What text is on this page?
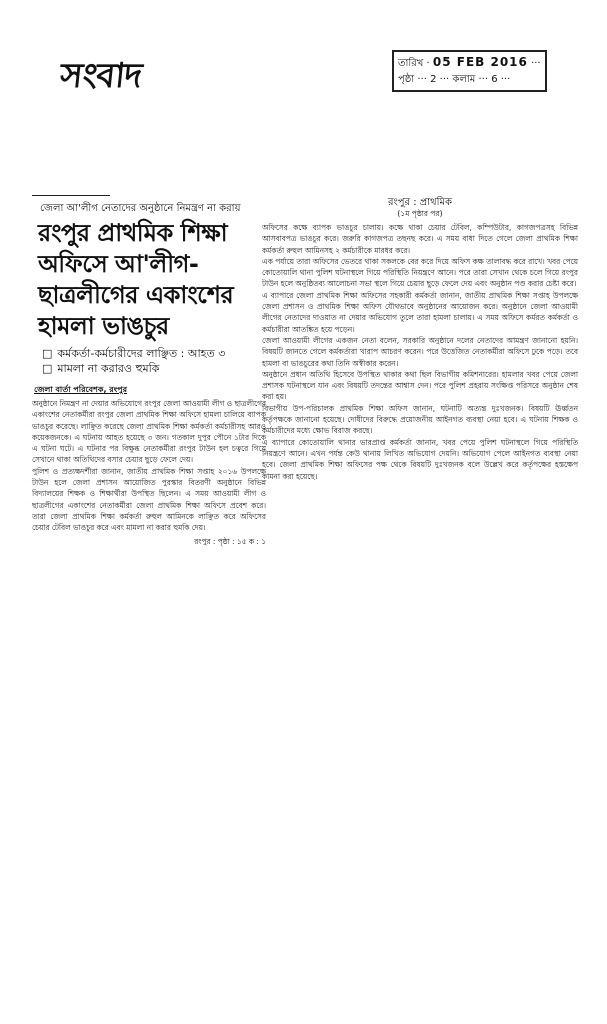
সংবাদ	তারিখ · 05 FEB 2016 ···
পৃষ্ঠা ··· 2 ··· কলাম ··· 6 ···
জেলা আ'লীগ নেতাদের অনুষ্ঠানে নিমন্ত্রণ না করায়
রংপুর প্রাথমিক শিক্ষা অফিসে আ'লীগ-ছাত্রলীগের একাংশের হামলা ভাঙচুর
□ কর্মকর্তা-কর্মচারীদের লাঞ্ছিত : আহত ৩
□ মামলা না করারও হুমকি
জেলা বার্তা পরিবেশক, রংপুর

অনুষ্ঠানে নিমন্ত্রণ না দেয়ার অভিযোগে রংপুর জেলা আওয়ামী লীগ ও ছাত্রলীগের একাংশের নেতাকর্মীরা রংপুর জেলা প্রাথমিক শিক্ষা অফিসে হামলা চালিয়ে ব্যাপক ভাঙচুর করেছে। লাঞ্ছিত করেছে জেলা প্রাথমিক শিক্ষা কর্মকর্তা কর্মচারীসহ আরও কয়েকজনকে। এ ঘটনায় আহত হয়েছে ৩ জন। গতকাল দুপুর পৌনে ১টার দিকে এ ঘটনা ঘটে। এ ঘটনার পর বিক্ষুব্ধ নেতাকর্মীরা রংপুর টাউন হল চত্বরে গিয়ে সেখানে থাকা অতিথিদের বসার চেয়ার ছুড়ে ফেলে দেয়।

পুলিশ ও প্রত্যক্ষদর্শীরা জানান, জাতীয় প্রাথমিক শিক্ষা সপ্তাহ ২০১৬ উপলক্ষে টাউন হলে জেলা প্রশাসন আয়োজিত পুরস্কার বিতরণী অনুষ্ঠানে বিভিন্ন বিদ্যালয়ের শিক্ষক ও শিক্ষার্থীরা উপস্থিত ছিলেন। এ সময় আওয়ামী লীগ ও ছাত্রলীগের একাংশের নেতাকর্মীরা জেলা প্রাথমিক শিক্ষা অফিসে প্রবেশ করে। তারা জেলা প্রাথমিক শিক্ষা কর্মকর্তা রুহুল আমিনকে লাঞ্ছিত করে অফিসের চেয়ার টেবিল ভাঙচুর করে এবং মামলা না করার হুমকি দেয়।

রংপুর : পৃষ্ঠা : ১৫ ক : ১
রংপুর : প্রাথমিক
(১ম পৃষ্ঠার পর)

অফিসের কক্ষে ব্যাপক ভাঙচুর চালায়। কক্ষে থাকা চেয়ার টেবিল, কম্পিউটার, কাগজপত্রসহ বিভিন্ন আসবাবপত্র ভাঙচুর করে। জরুরি কাগজপত্র তছনছ করে। এ সময় বাধা দিতে গেলে জেলা প্রাথমিক শিক্ষা কর্মকর্তা রুহুল আমিনসহ ২ কর্মচারীকে মারধর করে।

এক পর্যায়ে তারা অফিসের ভেতরে থাকা সকলকে বের করে দিয়ে অফিস কক্ষ তালাবদ্ধ করে রাখে। খবর পেয়ে কোতোয়ালি থানা পুলিশ ঘটনাস্থলে গিয়ে পরিস্থিতি নিয়ন্ত্রণে আনে। পরে তারা সেখান থেকে চলে গিয়ে রংপুর টাউন হলে অনুষ্ঠিতব্য আলোচনা সভা স্থলে গিয়ে চেয়ার ছুড়ে ফেলে দেয় এবং অনুষ্ঠান পণ্ড করার চেষ্টা করে।

এ ব্যাপারে জেলা প্রাথমিক শিক্ষা অফিসের সহকারী কর্মকর্তা জানান, জাতীয় প্রাথমিক শিক্ষা সপ্তাহ উপলক্ষে জেলা প্রশাসন ও প্রাথমিক শিক্ষা অফিস যৌথভাবে অনুষ্ঠানের আয়োজন করে। অনুষ্ঠানে জেলা আওয়ামী লীগের নেতাদের দাওয়াত না দেয়ার অভিযোগ তুলে তারা হামলা চালায়। এ সময় অফিসে কর্মরত কর্মকর্তা ও কর্মচারীরা আতঙ্কিত হয়ে পড়েন।

জেলা আওয়ামী লীগের একজন নেতা বলেন, সরকারি অনুষ্ঠানে দলের নেতাদের আমন্ত্রণ জানানো হয়নি। বিষয়টি জানতে গেলে কর্মকর্তারা খারাপ আচরণ করেন। পরে উত্তেজিত নেতাকর্মীরা অফিসে ঢুকে পড়ে। তবে হামলা বা ভাঙচুরের কথা তিনি অস্বীকার করেন।

অনুষ্ঠানে প্রধান অতিথি হিসেবে উপস্থিত থাকার কথা ছিল বিভাগীয় কমিশনারের। হামলার খবর পেয়ে জেলা প্রশাসক ঘটনাস্থলে যান এবং বিষয়টি তদন্তের আশ্বাস দেন। পরে পুলিশ প্রহরায় সংক্ষিপ্ত পরিসরে অনুষ্ঠান শেষ করা হয়।

বিভাগীয় উপ-পরিচালক প্রাথমিক শিক্ষা অফিস জানান, ঘটনাটি অত্যন্ত দুঃখজনক। বিষয়টি ঊর্ধ্বতন কর্তৃপক্ষকে জানানো হয়েছে। দোষীদের বিরুদ্ধে প্রয়োজনীয় আইনগত ব্যবস্থা নেয়া হবে। এ ঘটনায় শিক্ষক ও কর্মচারীদের মধ্যে ক্ষোভ বিরাজ করছে।

এ ব্যাপারে কোতোয়ালি থানার ভারপ্রাপ্ত কর্মকর্তা জানান, খবর পেয়ে পুলিশ ঘটনাস্থলে গিয়ে পরিস্থিতি নিয়ন্ত্রণে আনে। এখন পর্যন্ত কেউ থানায় লিখিত অভিযোগ দেয়নি। অভিযোগ পেলে আইনগত ব্যবস্থা নেয়া হবে। জেলা প্রাথমিক শিক্ষা অফিসের পক্ষ থেকে বিষয়টি দুঃখজনক বলে উল্লেখ করে কর্তৃপক্ষের হস্তক্ষেপ কামনা করা হয়েছে।
